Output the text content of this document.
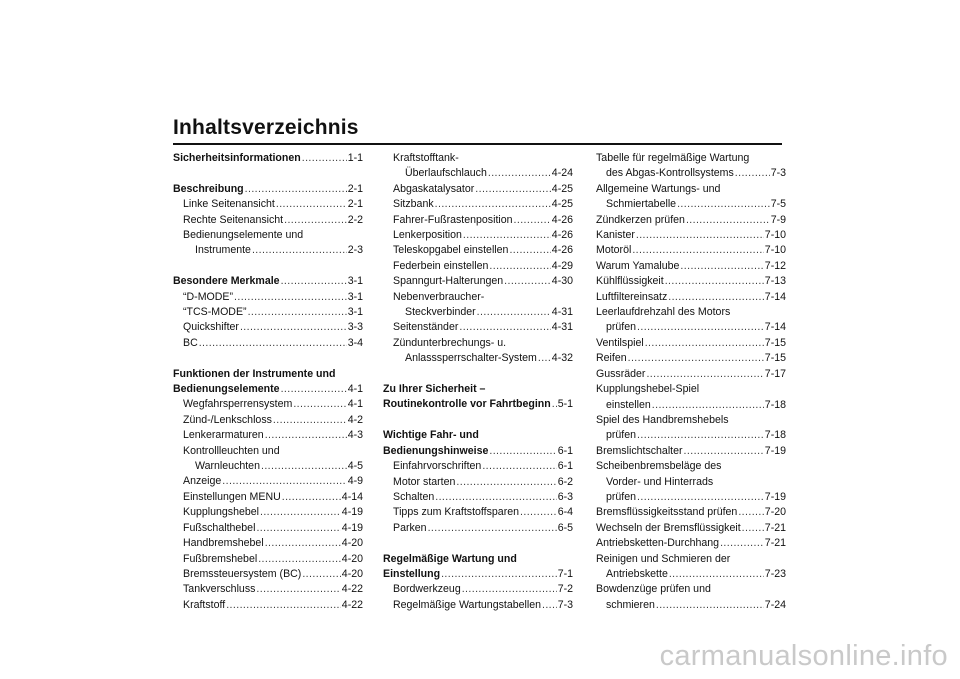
Inhaltsverzeichnis
Sicherheitsinformationen .....	1-1
Beschreibung .....	2-1
Linke Seitenansicht .....	2-1
Rechte Seitenansicht .....	2-2
Bedienungselemente und
Instrumente .....	2-3
Besondere Merkmale .....	3-1
“D-MODE” .....	3-1
“TCS-MODE” .....	3-1
Quickshifter .....	3-3
BC .....	3-4
Funktionen der Instrumente und
Bedienungselemente .....	4-1
Wegfahrsperrensystem .....	4-1
Zünd-/Lenkschloss .....	4-2
Lenkerarmaturen .....	4-3
Kontrollleuchten und
Warnleuchten .....	4-5
Anzeige .....	4-9
Einstellungen MENU .....	4-14
Kupplungshebel .....	4-19
Fußschalthebel .....	4-19
Handbremshebel .....	4-20
Fußbremshebel .....	4-20
Bremssteuersystem (BC) .....	4-20
Tankverschluss .....	4-22
Kraftstoff .....	4-22
Kraftstofftank-
Überlaufschlauch .....	4-24
Abgaskatalysator .....	4-25
Sitzbank .....	4-25
Fahrer-Fußrastenposition .....	4-26
Lenkerposition .....	4-26
Teleskopgabel einstellen .....	4-26
Federbein einstellen .....	4-29
Spanngurt-Halterungen .....	4-30
Nebenverbraucher-
Steckverbinder .....	4-31
Seitenständer .....	4-31
Zündunterbrechungs- u.
Anlasssperrschalter-System ..... 4-32
Zu Ihrer Sicherheit –
Routinekontrolle vor Fahrtbeginn ..... 5-1
Wichtige Fahr- und
Bedienungshinweise .....	6-1
Einfahrvorschriften .....	6-1
Motor starten .....	6-2
Schalten .....	6-3
Tipps zum Kraftstoffsparen .....	6-4
Parken .....	6-5
Regelmäßige Wartung und
Einstellung .....	7-1
Bordwerkzeug .....	7-2
Regelmäßige Wartungstabellen ..... 7-3
Tabelle für regelmäßige Wartung
des Abgas-Kontrollsystems .....	7-3
Allgemeine Wartungs- und
Schmiertabelle .....	7-5
Zündkerzen prüfen .....	7-9
Kanister .....	7-10
Motoröl .....	7-10
Warum Yamalube .....	7-12
Kühlflüssigkeit .....	7-13
Luftfiltereinsatz .....	7-14
Leerlaufdrehzahl des Motors
prüfen .....	7-14
Ventilspiel .....	7-15
Reifen .....	7-15
Gussräder .....	7-17
Kupplungshebel-Spiel
einstellen .....	7-18
Spiel des Handbremshebels
prüfen .....	7-18
Bremslichtschalter .....	7-19
Scheibenbremsbeläge des
Vorder- und Hinterrads
prüfen .....	7-19
Bremsflüssigkeitsstand prüfen .....	7-20
Wechseln der Bremsflüssigkeit ..... 7-21
Antriebsketten-Durchhang .....	7-21
Reinigen und Schmieren der
Antriebskette .....	7-23
Bowdenzüge prüfen und
schmieren .....	7-24
carmanualsonline.info
